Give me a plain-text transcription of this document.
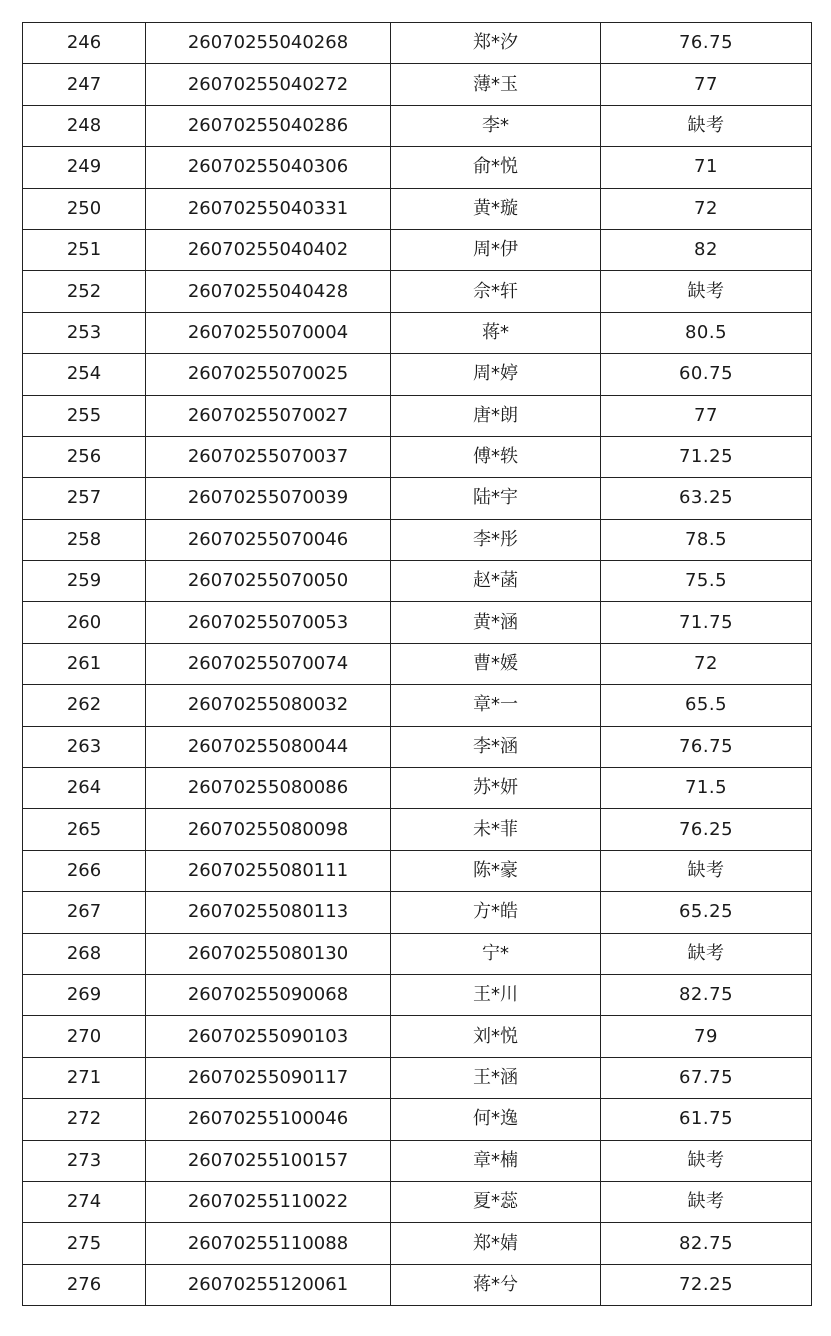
246	26070255040268	郑*汐	76.75
247	26070255040272	薄*玉	77
248	26070255040286	李*	缺考
249	26070255040306	俞*悦	71
250	26070255040331	黄*璇	72
251	26070255040402	周*伊	82
252	26070255040428	佘*轩	缺考
253	26070255070004	蒋*	80.5
254	26070255070025	周*婷	60.75
255	26070255070027	唐*朗	77
256	26070255070037	傅*轶	71.25
257	26070255070039	陆*宇	63.25
258	26070255070046	李*彤	78.5
259	26070255070050	赵*菡	75.5
260	26070255070053	黄*涵	71.75
261	26070255070074	曹*媛	72
262	26070255080032	章*一	65.5
263	26070255080044	李*涵	76.75
264	26070255080086	苏*妍	71.5
265	26070255080098	未*菲	76.25
266	26070255080111	陈*豪	缺考
267	26070255080113	方*皓	65.25
268	26070255080130	宁*	缺考
269	26070255090068	王*川	82.75
270	26070255090103	刘*悦	79
271	26070255090117	王*涵	67.75
272	26070255100046	何*逸	61.75
273	26070255100157	章*楠	缺考
274	26070255110022	夏*蕊	缺考
275	26070255110088	郑*婧	82.75
276	26070255120061	蒋*兮	72.25
